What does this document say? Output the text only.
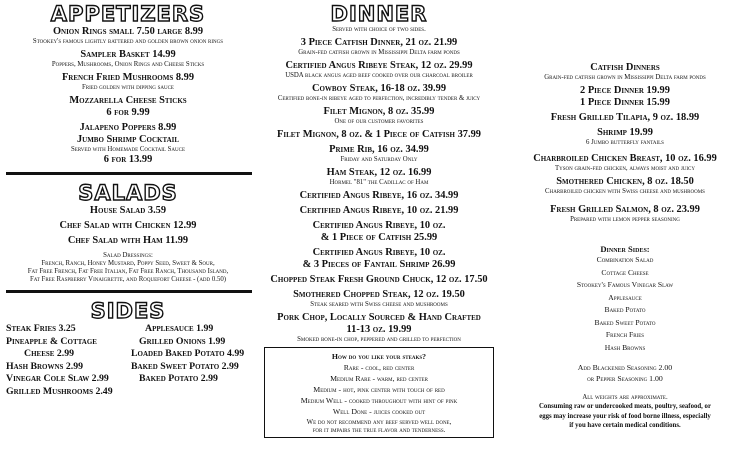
APPETIZERS
Onion Rings small 7.50 large 8.99
Stookey's famous lightly battered and golden brown onion rings
Sampler Basket 14.99
Poppers, Mushrooms, Onion Rings and Cheese Sticks
French Fried Mushrooms 8.99
Fried golden with dipping sauce
Mozzarella Cheese Sticks
6 for 9.99
Jalapeno Poppers 8.99
Jumbo Shrimp Cocktail
Served with Homemade Cocktail Sauce
6 for 13.99
SALADS
House Salad 3.59
Chef Salad with Chicken 12.99
Chef Salad with Ham 11.99
Salad Dressings:
French, Ranch, Honey Mustard, Poppy Seed, Sweet & Sour,
Fat Free French, Fat Free Italian, Fat Free Ranch, Thousand Island,
Fat Free Raspberry Vinaigrette, and Roquefort Cheese - (add 0.50)
SIDES
Steak Fries 3.25
Pineapple & Cottage
Cheese 2.99
Hash Browns 2.99
Vinegar Cole Slaw 2.99
Grilled Mushrooms 2.49
Applesauce 1.99
Grilled Onions 1.99
Loaded Baked Potato 4.99
Baked Sweet Potato 2.99
Baked Potato 2.99
DINNER
Served with choice of two sides.
3 Piece Catfish Dinner, 21 oz. 21.99
Grain-fed catfish grown in Mississippi Delta farm ponds
Certified Angus Ribeye Steak, 12 oz. 29.99
USDA black angus aged beef cooked over our charcoal broiler
Cowboy Steak, 16-18 oz. 39.99
Certified bone-in ribeye aged to perfection, incredibly tender & juicy
Filet Mignon, 8 oz. 35.99
One of our customer favorites
Filet Mignon, 8 oz. & 1 Piece of Catfish 37.99
Prime Rib, 16 oz. 34.99
Friday and Saturday Only
Ham Steak, 12 oz. 16.99
Hormel "81" the Cadillac of Ham
Certified Angus Ribeye, 16 oz. 34.99
Certified Angus Ribeye, 10 oz. 21.99
Certified Angus Ribeye, 10 oz.
& 1 Piece of Catfish 25.99
Certified Angus Ribeye, 10 oz.
& 3 Pieces of Fantail Shrimp 26.99
Chopped Steak Fresh Ground Chuck, 12 oz. 17.50
Smothered Chopped Steak, 12 oz. 19.50
Steak seared with Swiss cheese and mushrooms
Pork Chop, Locally Sourced & Hand Crafted
11-13 oz. 19.99
Smoked bone-in chop, peppered and grilled to perfection
How do you like your steaks?
Rare - cool, red center
Medium Rare - warm, red center
Medium - hot, pink center with touch of red
Medium Well - cooked throughout with hint of pink
Well Done - juices cooked out
We do not recommend any beef served well done,
for it impairs the true flavor and tenderness.
Catfish Dinners
Grain-fed catfish grown in Mississippi Delta farm ponds
2 Piece Dinner 19.99
1 Piece Dinner 15.99
Fresh Grilled Tilapia, 9 oz. 18.99
Shrimp 19.99
6 Jumbo butterfly fantails
Charbroiled Chicken Breast, 10 oz. 16.99
Tyson grain-fed chicken, always moist and juicy
Smothered Chicken, 8 oz. 18.50
Charbroiled chicken with Swiss cheese and mushrooms
Fresh Grilled Salmon, 8 oz. 23.99
Prepared with lemon pepper seasoning
Dinner Sides:
Combination Salad
Cottage Cheese
Stookey's Famous Vinegar Slaw
Applesauce
Baked Potato
Baked Sweet Potato
French Fries
Hash Browns
Add Blackened Seasoning 2.00
or Pepper Seasoning 1.00
All weights are approximate.
Consuming raw or undercooked meats, poultry, seafood, or
eggs may increase your risk of food borne illness, especially
if you have certain medical conditions.
